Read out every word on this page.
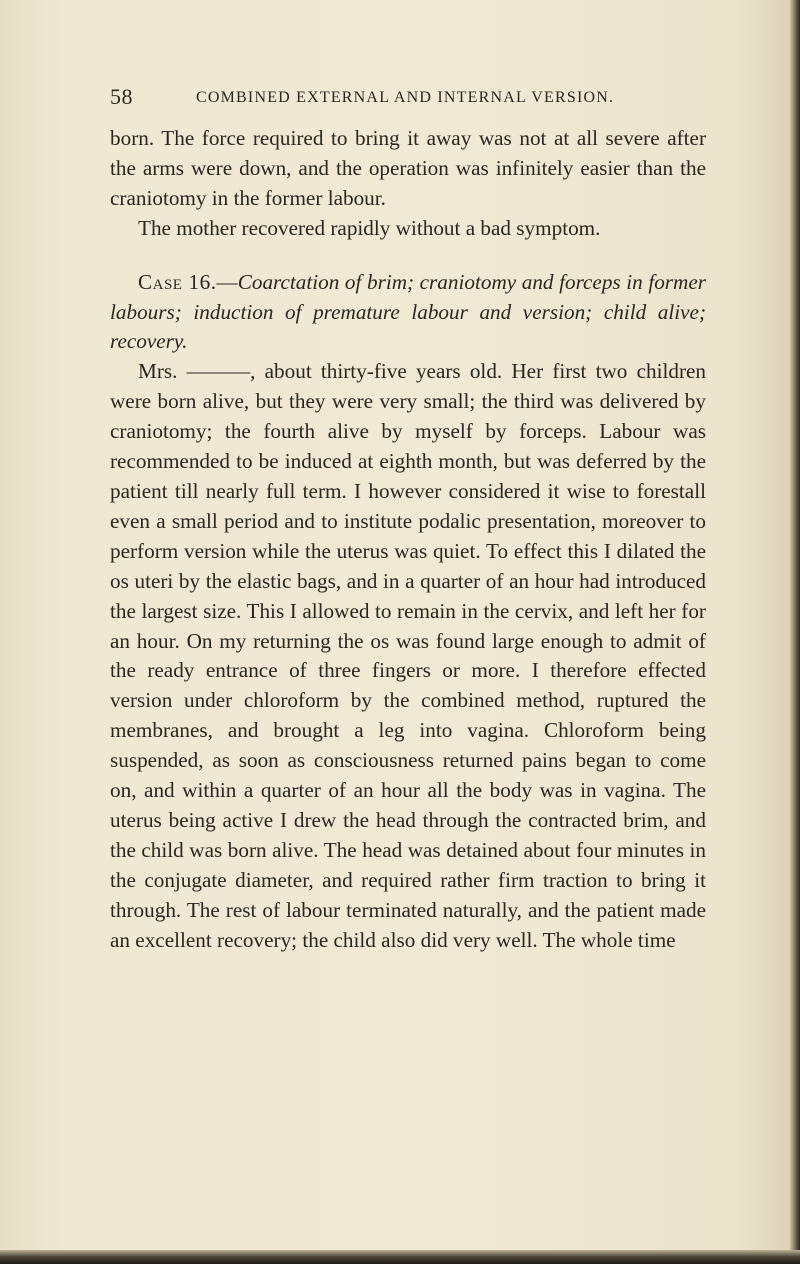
58	COMBINED EXTERNAL AND INTERNAL VERSION.

born. The force required to bring it away was not at all severe after the arms were down, and the operation was infinitely easier than the craniotomy in the former labour.

The mother recovered rapidly without a bad symptom.

Case 16.—Coarctation of brim; craniotomy and forceps in former labours; induction of premature labour and version; child alive; recovery.

Mrs. ———, about thirty-five years old. Her first two children were born alive, but they were very small; the third was delivered by craniotomy; the fourth alive by myself by forceps. Labour was recommended to be induced at eighth month, but was deferred by the patient till nearly full term. I however considered it wise to forestall even a small period and to institute podalic presentation, moreover to perform version while the uterus was quiet. To effect this I dilated the os uteri by the elastic bags, and in a quarter of an hour had introduced the largest size. This I allowed to remain in the cervix, and left her for an hour. On my returning the os was found large enough to admit of the ready entrance of three fingers or more. I therefore effected version under chloroform by the combined method, ruptured the membranes, and brought a leg into vagina. Chloroform being suspended, as soon as consciousness returned pains began to come on, and within a quarter of an hour all the body was in vagina. The uterus being active I drew the head through the contracted brim, and the child was born alive. The head was detained about four minutes in the conjugate diameter, and required rather firm traction to bring it through. The rest of labour terminated naturally, and the patient made an excellent recovery; the child also did very well. The whole time
